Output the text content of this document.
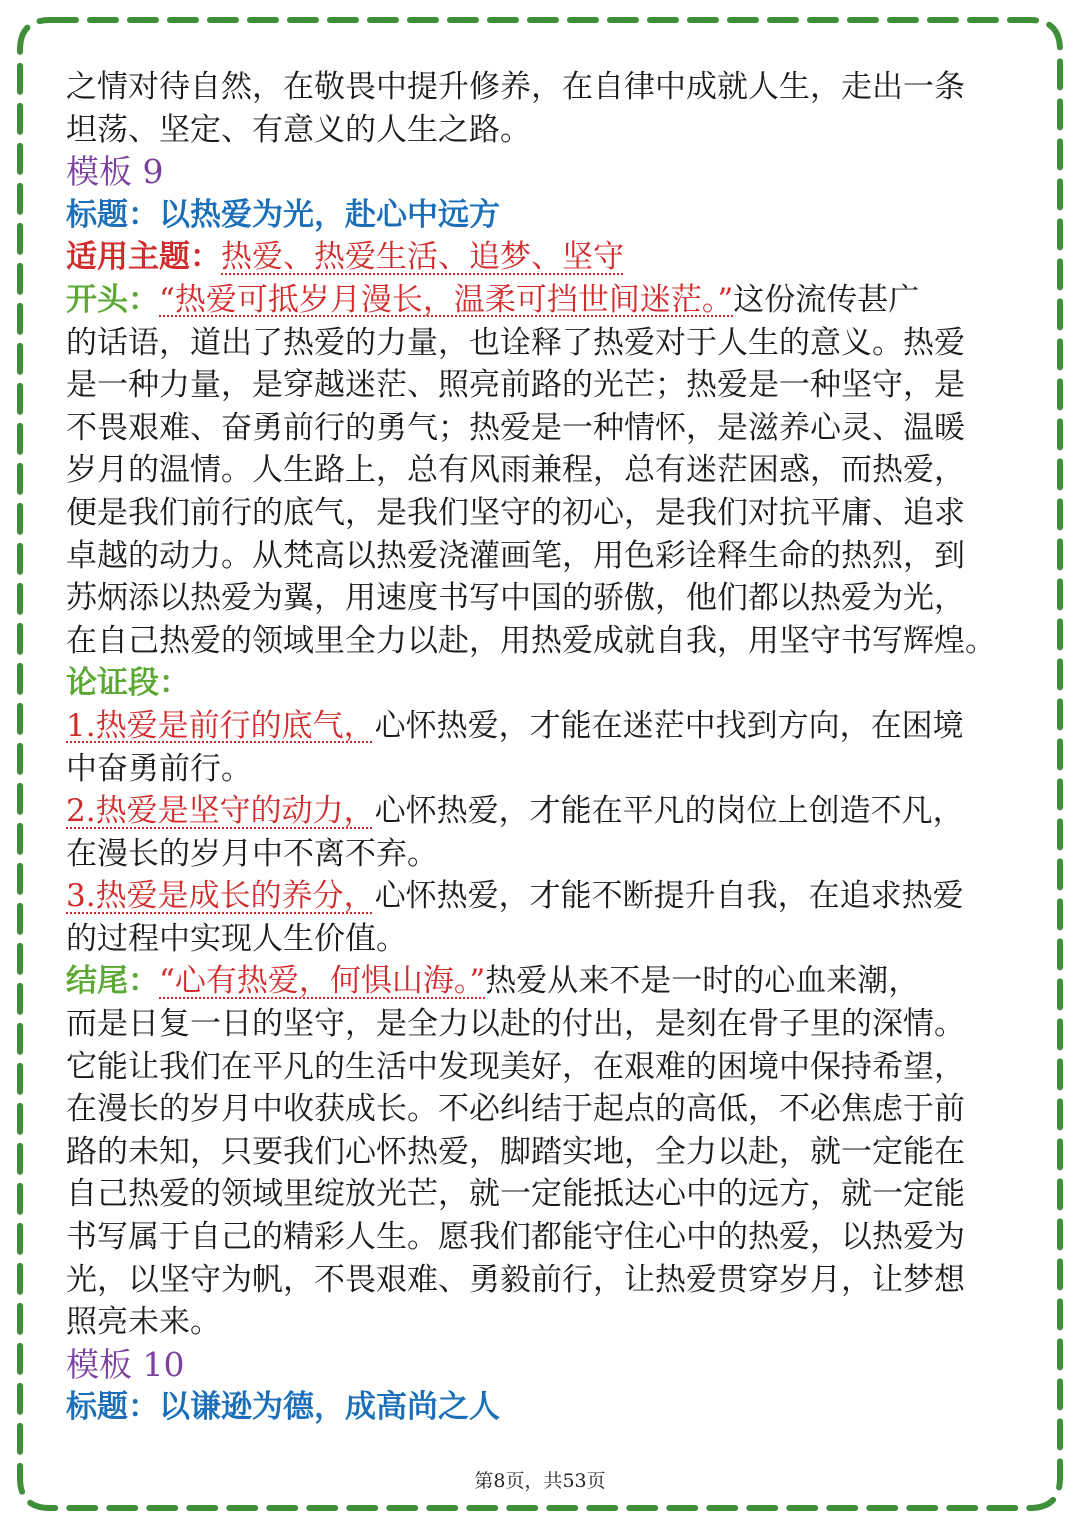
之情对待自然，在敬畏中提升修养，在自律中成就人生，走出一条
坦荡、坚定、有意义的人生之路。
模板 9
标题：以热爱为光，赴心中远方
适用主题：热爱、热爱生活、追梦、坚守
开头：“热爱可抵岁月漫长，温柔可挡世间迷茫。”这份流传甚广
的话语，道出了热爱的力量，也诠释了热爱对于人生的意义。热爱
是一种力量，是穿越迷茫、照亮前路的光芒；热爱是一种坚守，是
不畏艰难、奋勇前行的勇气；热爱是一种情怀，是滋养心灵、温暖
岁月的温情。人生路上，总有风雨兼程，总有迷茫困惑，而热爱，
便是我们前行的底气，是我们坚守的初心，是我们对抗平庸、追求
卓越的动力。从梵高以热爱浇灌画笔，用色彩诠释生命的热烈，到
苏炳添以热爱为翼，用速度书写中国的骄傲，他们都以热爱为光，
在自己热爱的领域里全力以赴，用热爱成就自我，用坚守书写辉煌。
论证段：
1.热爱是前行的底气，心怀热爱，才能在迷茫中找到方向，在困境
中奋勇前行。
2.热爱是坚守的动力，心怀热爱，才能在平凡的岗位上创造不凡，
在漫长的岁月中不离不弃。
3.热爱是成长的养分，心怀热爱，才能不断提升自我，在追求热爱
的过程中实现人生价值。
结尾：“心有热爱，何惧山海。”热爱从来不是一时的心血来潮，
而是日复一日的坚守，是全力以赴的付出，是刻在骨子里的深情。
它能让我们在平凡的生活中发现美好，在艰难的困境中保持希望，
在漫长的岁月中收获成长。不必纠结于起点的高低，不必焦虑于前
路的未知，只要我们心怀热爱，脚踏实地，全力以赴，就一定能在
自己热爱的领域里绽放光芒，就一定能抵达心中的远方，就一定能
书写属于自己的精彩人生。愿我们都能守住心中的热爱，以热爱为
光，以坚守为帆，不畏艰难、勇毅前行，让热爱贯穿岁月，让梦想
照亮未来。
模板 10
标题：以谦逊为德，成高尚之人
第8页，共53页
